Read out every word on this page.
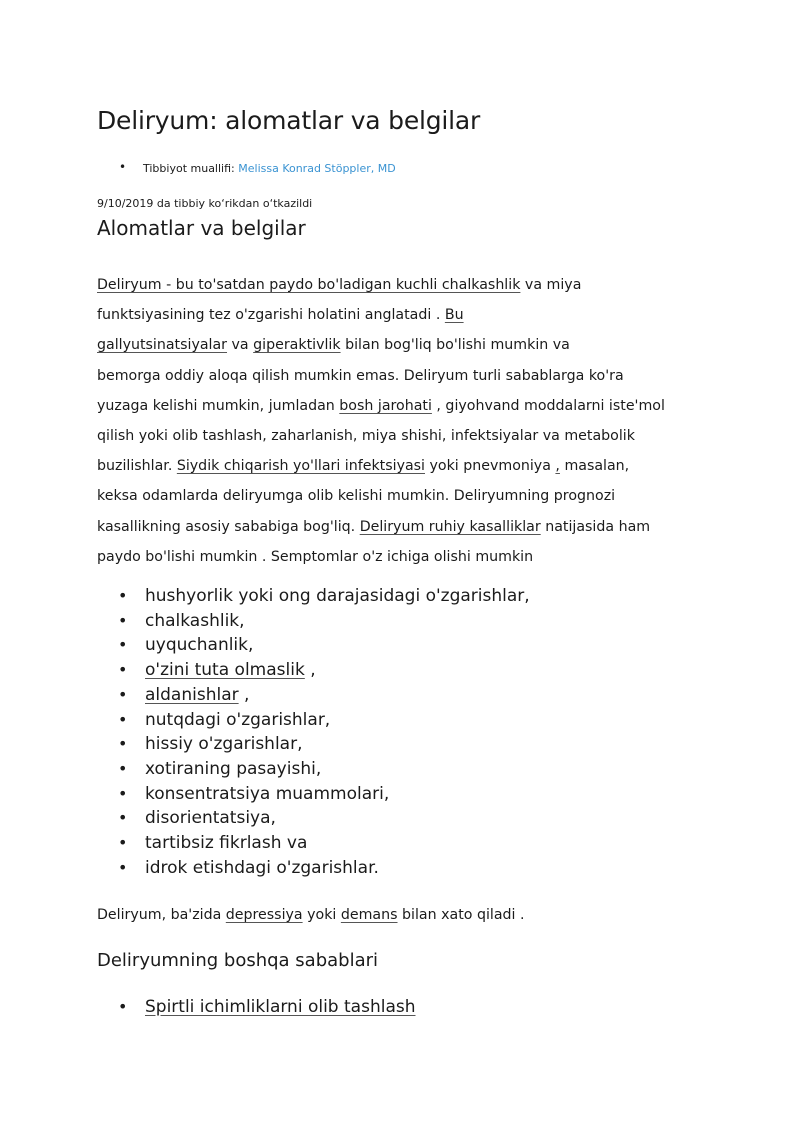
Deliryum: alomatlar va belgilar
• Tibbiyot muallifi: Melissa Konrad Stöppler, MD
9/10/2019 da tibbiy ko‘rikdan o‘tkazildi
Alomatlar va belgilar

Deliryum - bu to'satdan paydo bo'ladigan kuchli chalkashlik va miya
funktsiyasining tez o'zgarishi holatini anglatadi . Bu
gallyutsinatsiyalar va giperaktivlik bilan bog'liq bo'lishi mumkin va
bemorga oddiy aloqa qilish mumkin emas. Deliryum turli sabablarga ko'ra
yuzaga kelishi mumkin, jumladan bosh jarohati , giyohvand moddalarni iste'mol
qilish yoki olib tashlash, zaharlanish, miya shishi, infektsiyalar va metabolik
buzilishlar. Siydik chiqarish yo'llari infektsiyasi yoki pnevmoniya , masalan,
keksa odamlarda deliryumga olib kelishi mumkin. Deliryumning prognozi
kasallikning asosiy sababiga bog'liq. Deliryum ruhiy kasalliklar natijasida ham
paydo bo'lishi mumkin . Semptomlar o'z ichiga olishi mumkin

• hushyorlik yoki ong darajasidagi o'zgarishlar,
• chalkashlik,
• uyquchanlik,
• o'zini tuta olmaslik ,
• aldanishlar ,
• nutqdagi o'zgarishlar,
• hissiy o'zgarishlar,
• xotiraning pasayishi,
• konsentratsiya muammolari,
• disorientatsiya,
• tartibsiz fikrlash va
• idrok etishdagi o'zgarishlar.
Deliryum, ba'zida depressiya yoki demans bilan xato qiladi .
Deliryumning boshqa sabablari
• Spirtli ichimliklarni olib tashlash
